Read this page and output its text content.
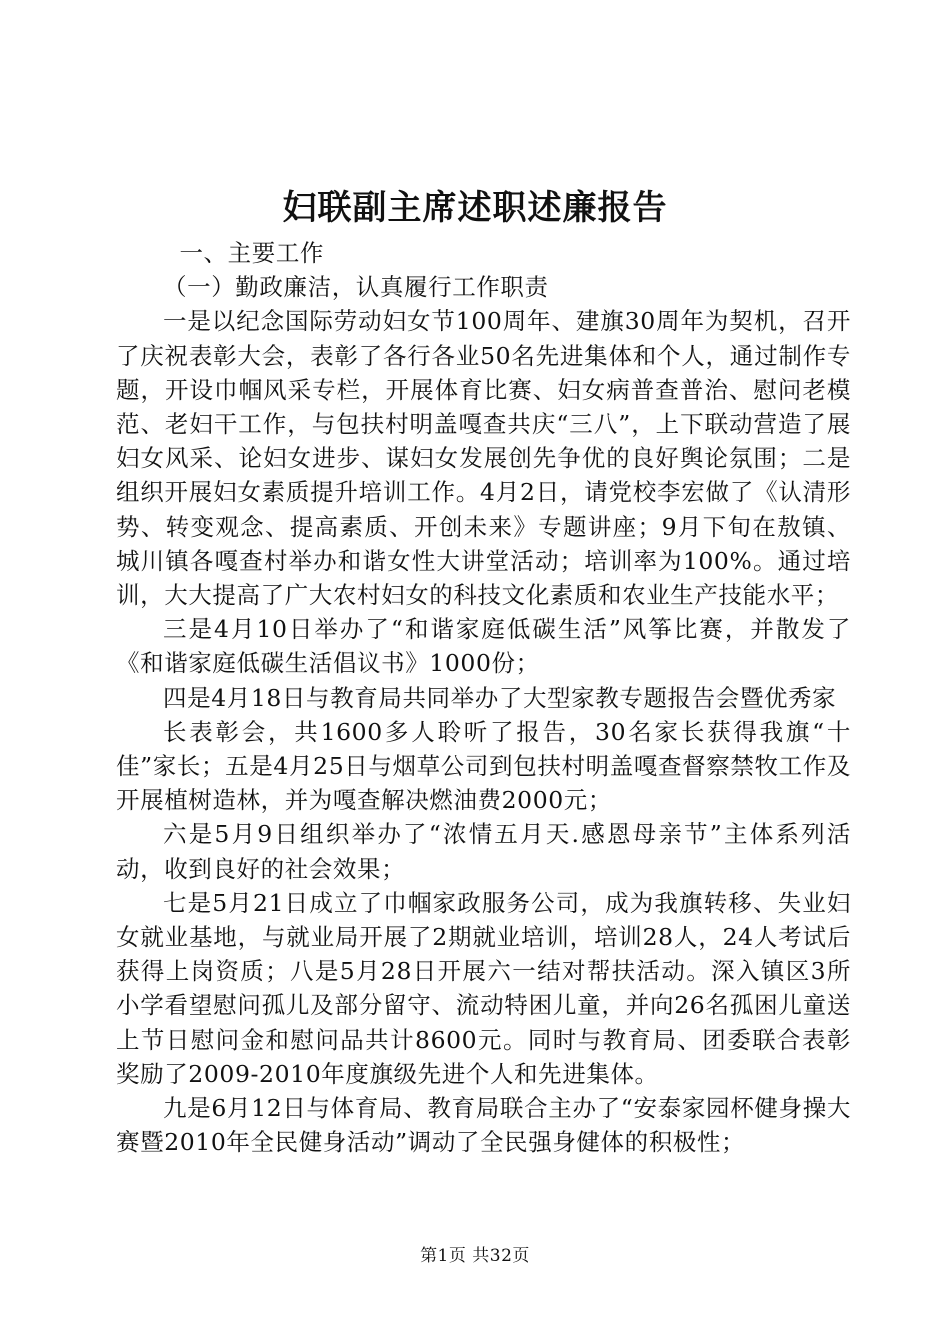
妇联副主席述职述廉报告

一、主要工作

（一）勤政廉洁，认真履行工作职责

一是以纪念国际劳动妇女节100周年、建旗30周年为契机，召开了庆祝表彰大会，表彰了各行各业50名先进集体和个人，通过制作专题，开设巾帼风采专栏，开展体育比赛、妇女病普查普治、慰问老模范、老妇干工作，与包扶村明盖嘎查共庆“三八”，上下联动营造了展妇女风采、论妇女进步、谋妇女发展创先争优的良好舆论氛围；二是组织开展妇女素质提升培训工作。4月2日，请党校李宏做了《认清形势、转变观念、提高素质、开创未来》专题讲座；9月下旬在敖镇、城川镇各嘎查村举办和谐女性大讲堂活动；培训率为100%。通过培训，大大提高了广大农村妇女的科技文化素质和农业生产技能水平；

三是4月10日举办了“和谐家庭低碳生活”风筝比赛，并散发了《和谐家庭低碳生活倡议书》1000份；

四是4月18日与教育局共同举办了大型家教专题报告会暨优秀家

长表彰会，共1600多人聆听了报告，30名家长获得我旗“十佳”家长；五是4月25日与烟草公司到包扶村明盖嘎查督察禁牧工作及开展植树造林，并为嘎查解决燃油费2000元；

六是5月9日组织举办了“浓情五月天.感恩母亲节”主体系列活动，收到良好的社会效果；

七是5月21日成立了巾帼家政服务公司，成为我旗转移、失业妇女就业基地，与就业局开展了2期就业培训，培训28人，24人考试后获得上岗资质；八是5月28日开展六一结对帮扶活动。深入镇区3所小学看望慰问孤儿及部分留守、流动特困儿童，并向26名孤困儿童送上节日慰问金和慰问品共计8600元。同时与教育局、团委联合表彰奖励了2009-2010年度旗级先进个人和先进集体。

九是6月12日与体育局、教育局联合主办了“安泰家园杯健身操大赛暨2010年全民健身活动”调动了全民强身健体的积极性；

第1页 共32页
